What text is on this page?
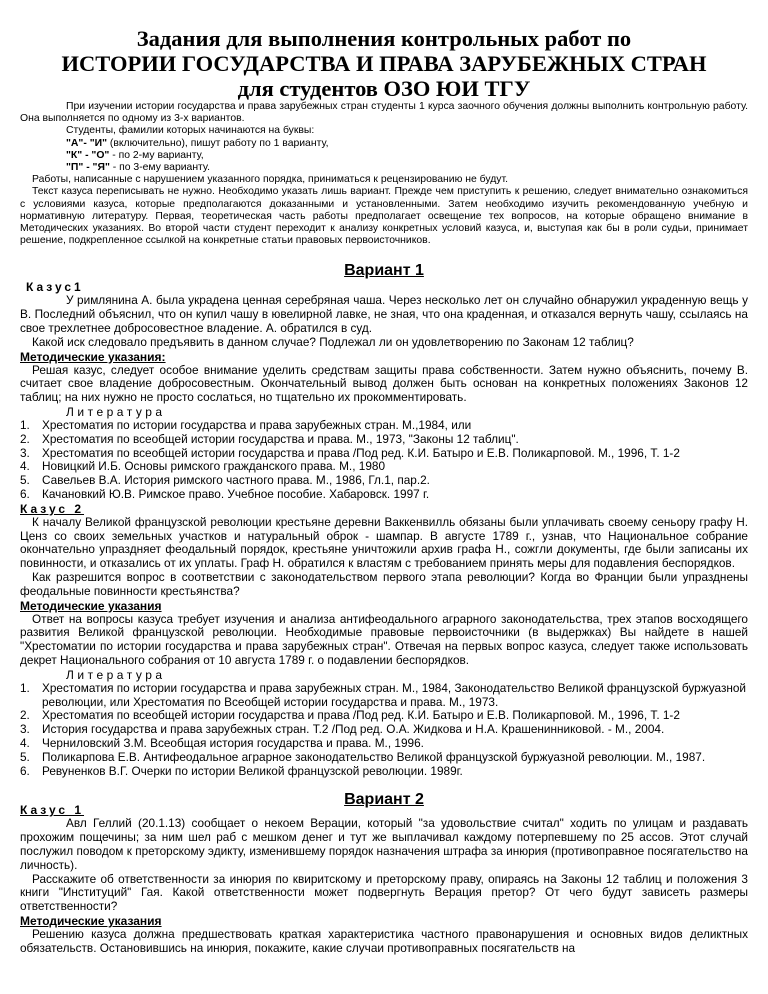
Задания для выполнения контрольных работ по
ИСТОРИИ ГОСУДАРСТВА И ПРАВА ЗАРУБЕЖНЫХ СТРАН
для студентов ОЗО ЮИ ТГУ

При изучении истории государства и права зарубежных стран студенты 1 курса заочного обучения должны выполнить контрольную работу. Она выполняется по одному из 3-х вариантов.

Студенты, фамилии которых начинаются на буквы:

"А"- "И" (включительно), пишут работу по 1 варианту,

"К" - "О" - по 2-му варианту,

"П" - "Я" - по 3-ему варианту.

Работы, написанные с нарушением указанного порядка, приниматься к рецензированию не будут.

Текст казуса переписывать не нужно. Необходимо указать лишь вариант. Прежде чем приступить к решению, следует внимательно ознакомиться с условиями казуса, которые предполагаются доказанными и установленными. Затем необходимо изучить рекомендованную учебную и нормативную литературу. Первая, теоретическая часть работы предполагает освещение тех вопросов, на которые обращено внимание в Методических указаниях. Во второй части студент переходит к анализу конкретных условий казуса, и, выступая как бы в роли судьи, принимает решение, подкрепленное ссылкой на конкретные статьи правовых первоисточников.

Вариант 1

Казус1

У римлянина А. была украдена ценная серебряная чаша. Через несколько лет он случайно обнаружил украденную вещь у В. Последний объяснил, что он купил чашу в ювелирной лавке, не зная, что она краденная, и отказался вернуть чашу, ссылаясь на свое трехлетнее добросовестное владение. А. обратился в суд.

Какой иск следовало предъявить в данном случае? Подлежал ли он удовлетворению по Законам 12 таблиц?

Методические указания:

Решая казус, следует особое внимание уделить средствам защиты права собственности. Затем нужно объяснить, почему В. считает свое владение добросовестным. Окончательный вывод должен быть основан на конкретных положениях Законов 12 таблиц; на них нужно не просто сослаться, но тщательно их прокомментировать.

Литература

1. Хрестоматия по истории государства и права зарубежных стран. М.,1984, или
2. Хрестоматия по всеобщей истории государства и права. М., 1973, "Законы 12 таблиц".
3. Хрестоматия по всеобщей истории государства и права /Под ред. К.И. Батыро и Е.В. Поликарповой. М., 1996, Т. 1-2
4. Новицкий И.Б. Основы римского гражданского права. М., 1980
5. Савельев В.А. История римского частного права. М., 1986, Гл.1, пар.2.
6. Качановкий Ю.В. Римское право. Учебное пособие. Хабаровск. 1997 г.

Казус 2

К началу Великой французской революции крестьяне деревни Ваккенвилль обязаны были уплачивать своему сеньору графу Н. Ценз со своих земельных участков и натуральный оброк - шампар. В августе 1789 г., узнав, что Национальное собрание окончательно упраздняет феодальный порядок, крестьяне уничтожили архив графа Н., сожгли документы, где были записаны их повинности, и отказались от их уплаты. Граф Н. обратился к властям с требованием принять меры для подавления беспорядков.

Как разрешится вопрос в соответствии с законодательством первого этапа революции? Когда во Франции были упразднены феодальные повинности крестьянства?

Методические указания

Ответ на вопросы казуса требует изучения и анализа антифеодального аграрного законодательства, трех этапов восходящего развития Великой французской революции. Необходимые правовые первоисточники (в выдержках) Вы найдете в нашей "Хрестоматии по истории государства и права зарубежных стран". Отвечая на первых вопрос казуса, следует также использовать декрет Национального собрания от 10 августа 1789 г. о подавлении беспорядков.

Литература

1. Хрестоматия по истории государства и права зарубежных стран. М., 1984, Законодательство Великой французской буржуазной революции, или Хрестоматия по Всеобщей истории государства и права. М., 1973.
2. Хрестоматия по всеобщей истории государства и права /Под ред. К.И. Батыро и Е.В. Поликарповой. М., 1996, Т. 1-2
3. История государства и права зарубежных стран. Т.2 /Под ред. О.А. Жидкова и Н.А. Крашенинниковой. - М., 2004.
4. Черниловский З.М. Всеобщая история государства и права. М., 1996.
5. Поликарпова Е.В. Антифеодальное аграрное законодательство Великой французской буржуазной революции. М., 1987.
6. Ревуненков В.Г. Очерки по истории Великой французской революции. 1989г.

Вариант 2

Казус 1

Авл Геллий (20.1.13) сообщает о некоем Верации, который "за удовольствие считал" ходить по улицам и раздавать прохожим пощечины; за ним шел раб с мешком денег и тут же выплачивал каждому потерпевшему по 25 ассов. Этот случай послужил поводом к преторскому эдикту, изменившему порядок назначения штрафа за инюрия (противоправное посягательство на личность).

Расскажите об ответственности за инюрия по квиритскому и преторскому праву, опираясь на Законы 12 таблиц и положения 3 книги "Институций" Гая. Какой ответственности может подвергнуть Верация претор? От чего будут зависеть размеры ответственности?

Методические указания

Решению казуса должна предшествовать краткая характеристика частного правонарушения и основных видов деликтных обязательств. Остановившись на инюрия, покажите, какие случаи противоправных посягательств на
